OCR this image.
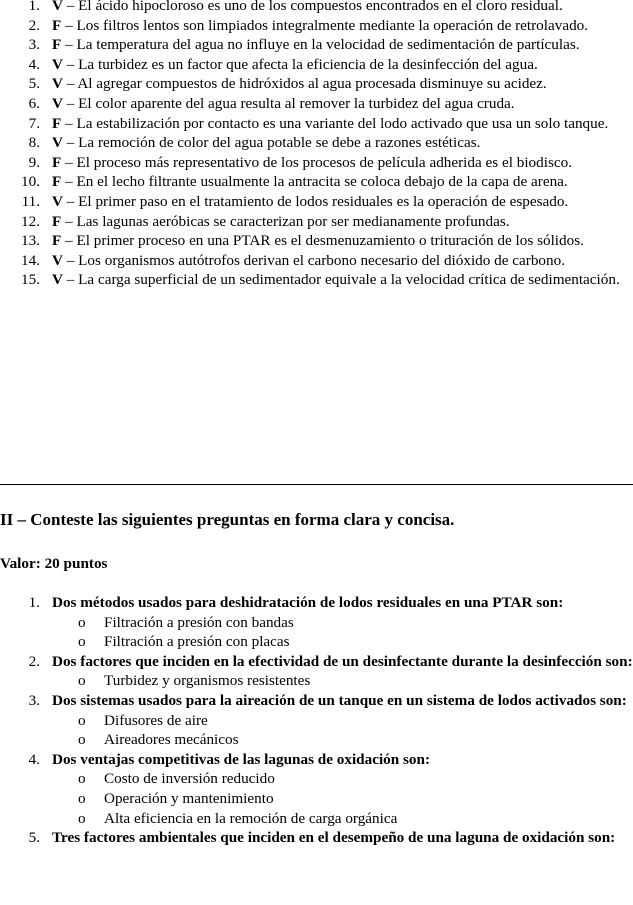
1. V – El ácido hipocloroso es uno de los compuestos encontrados en el cloro residual.
2. F – Los filtros lentos son limpiados integralmente mediante la operación de retrolavado.
3. F – La temperatura del agua no influye en la velocidad de sedimentación de partículas.
4. V – La turbidez es un factor que afecta la eficiencia de la desinfección del agua.
5. V – Al agregar compuestos de hidróxidos al agua procesada disminuye su acidez.
6. V – El color aparente del agua resulta al remover la turbidez del agua cruda.
7. F – La estabilización por contacto es una variante del lodo activado que usa un solo tanque.
8. V – La remoción de color del agua potable se debe a razones estéticas.
9. F – El proceso más representativo de los procesos de película adherida es el biodisco.
10. F – En el lecho filtrante usualmente la antracita se coloca debajo de la capa de arena.
11. V – El primer paso en el tratamiento de lodos residuales es la operación de espesado.
12. F – Las lagunas aeróbicas se caracterizan por ser medianamente profundas.
13. F – El primer proceso en una PTAR es el desmenuzamiento o trituración de los sólidos.
14. V – Los organismos autótrofos derivan el carbono necesario del dióxido de carbono.
15. V – La carga superficial de un sedimentador equivale a la velocidad crítica de sedimentación.
II – Conteste las siguientes preguntas en forma clara y concisa.
Valor: 20 puntos
1. Dos métodos usados para deshidratación de lodos residuales en una PTAR son:
o Filtración a presión con bandas
o Filtración a presión con placas
2. Dos factores que inciden en la efectividad de un desinfectante durante la desinfección son:
o Turbidez y organismos resistentes
3. Dos sistemas usados para la aireación de un tanque en un sistema de lodos activados son:
o Difusores de aire
o Aireadores mecánicos
4. Dos ventajas competitivas de las lagunas de oxidación son:
o Costo de inversión reducido
o Operación y mantenimiento
o Alta eficiencia en la remoción de carga orgánica
5. Tres factores ambientales que inciden en el desempeño de una laguna de oxidación son:
